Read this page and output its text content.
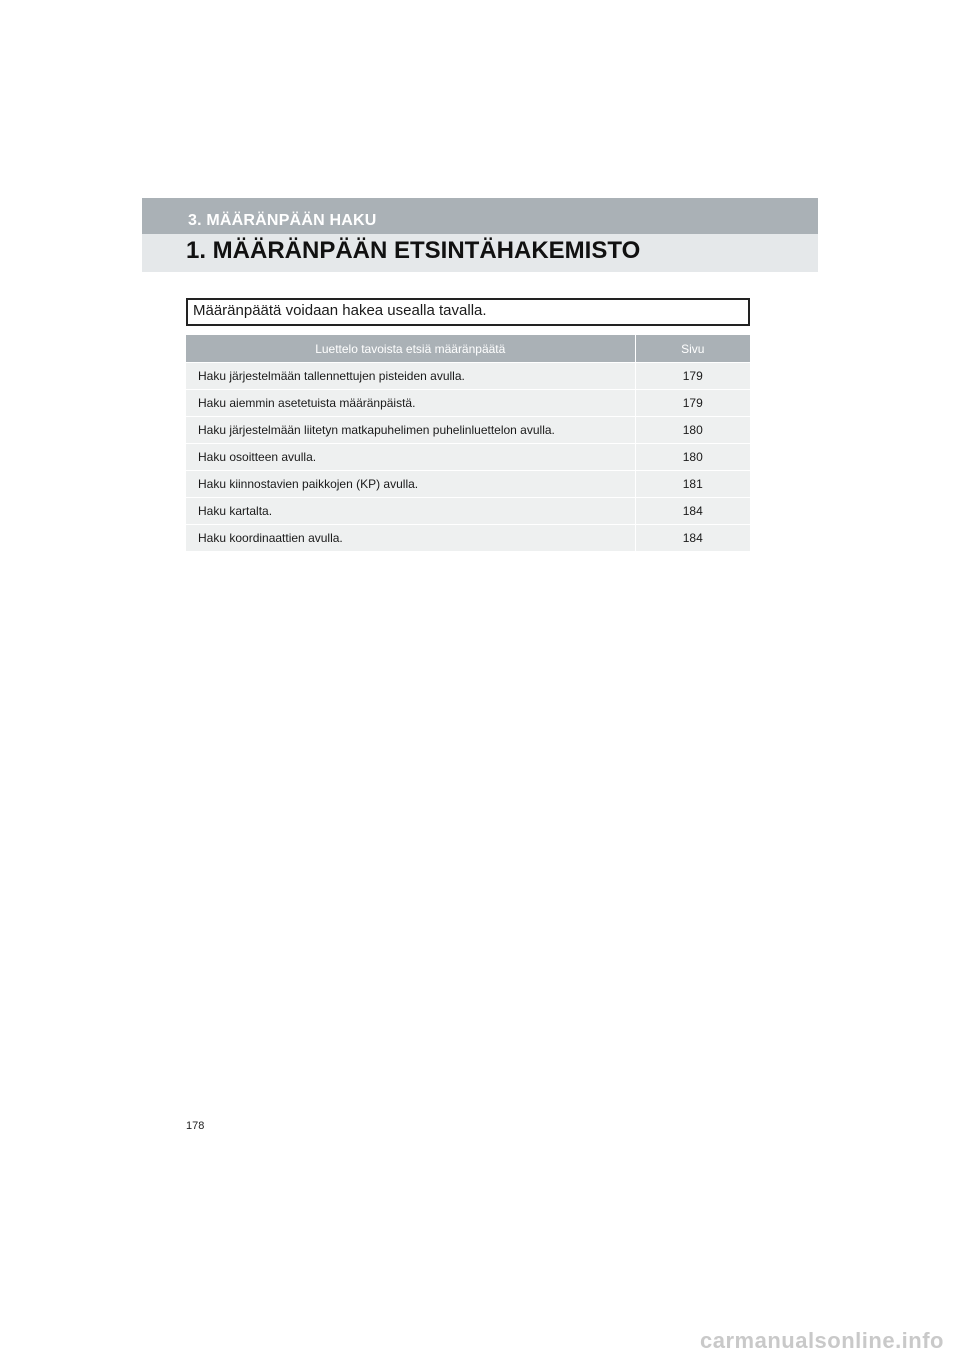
3. MÄÄRÄNPÄÄN HAKU
1. MÄÄRÄNPÄÄN ETSINTÄHAKEMISTO
Määränpäätä voidaan hakea usealla tavalla.
Luettelo tavoista etsiä määränpäätä	Sivu
Haku järjestelmään tallennettujen pisteiden avulla.	179
Haku aiemmin asetetuista määränpäistä.	179
Haku järjestelmään liitetyn matkapuhelimen puhelinluettelon avulla.	180
Haku osoitteen avulla.	180
Haku kiinnostavien paikkojen (KP) avulla.	181
Haku kartalta.	184
Haku koordinaattien avulla.	184
178
carmanualsonline.info
